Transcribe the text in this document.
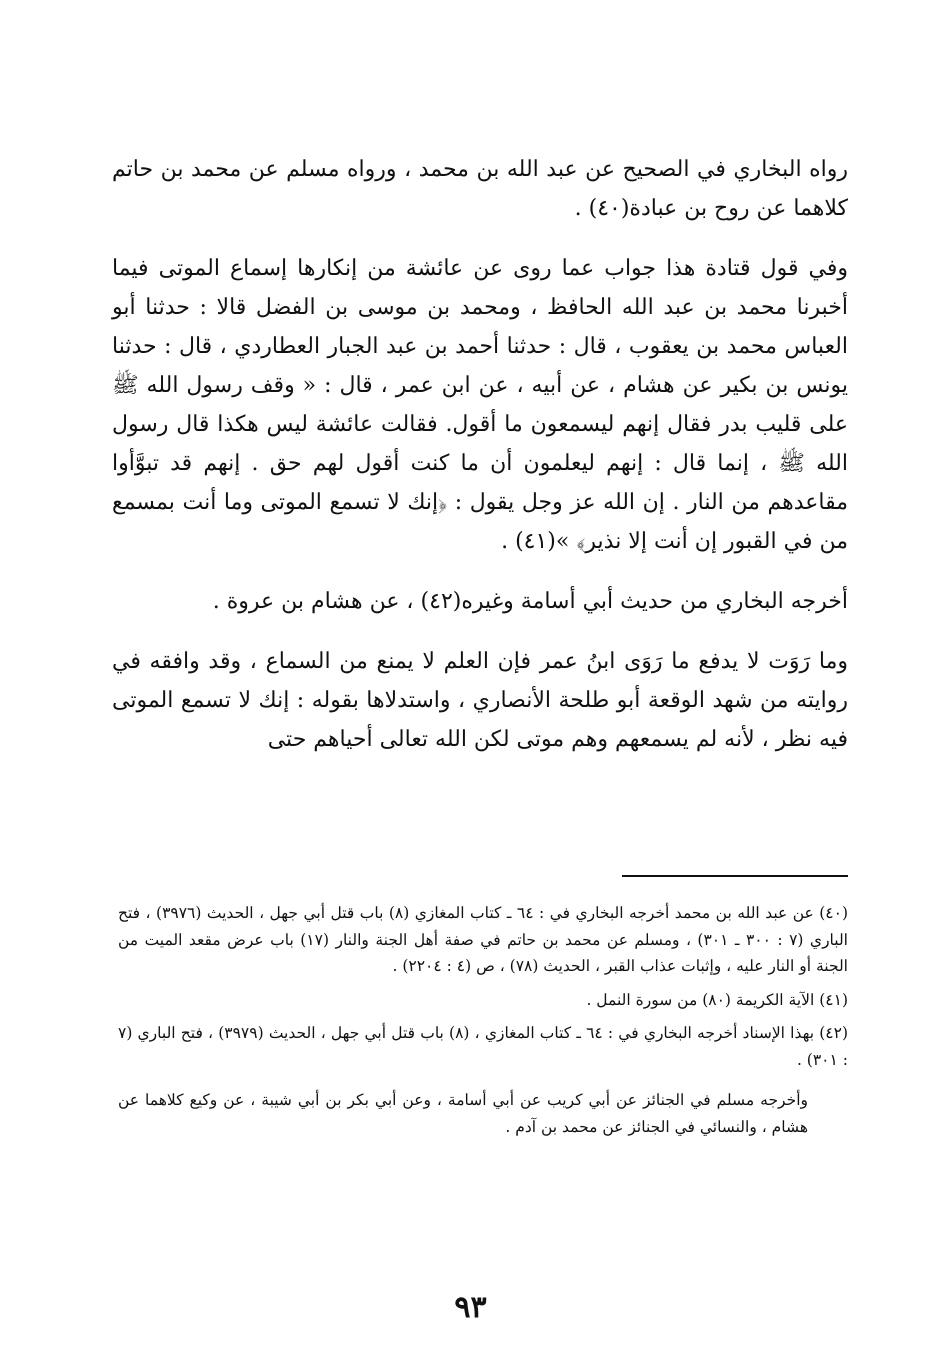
رواه البخاري في الصحيح عن عبد الله بن محمد ، ورواه مسلم عن محمد بن حاتم كلاهما عن روح بن عبادة(٤٠) .

وفي قول قتادة هذا جواب عما روى عن عائشة من إنكارها إسماع الموتى فيما أخبرنا محمد بن عبد الله الحافظ ، ومحمد بن موسى بن الفضل قالا : حدثنا أبو العباس محمد بن يعقوب ، قال : حدثنا أحمد بن عبد الجبار العطاردي ، قال : حدثنا يونس بن بكير عن هشام ، عن أبيه ، عن ابن عمر ، قال : « وقف رسول الله ﷺ على قليب بدر فقال إنهم ليسمعون ما أقول. فقالت عائشة ليس هكذا قال رسول الله ﷺ ، إنما قال : إنهم ليعلمون أن ما كنت أقول لهم حق . إنهم قد تبوَّأوا مقاعدهم من النار . إن الله عز وجل يقول : ﴿إنك لا تسمع الموتى وما أنت بمسمع من في القبور إن أنت إلا نذير﴾ »(٤١) .

أخرجه البخاري من حديث أبي أسامة وغيره(٤٢) ، عن هشام بن عروة .

وما رَوَت لا يدفع ما رَوَى ابنُ عمر فإن العلم لا يمنع من السماع ، وقد وافقه في روايته من شهد الوقعة أبو طلحة الأنصاري ، واستدلاها بقوله : إنك لا تسمع الموتى فيه نظر ، لأنه لم يسمعهم وهم موتى لكن الله تعالى أحياهم حتى

(٤٠) عن عبد الله بن محمد أخرجه البخاري في : ٦٤ ـ كتاب المغازي (٨) باب قتل أبي جهل ، الحديث (٣٩٧٦) ، فتح الباري (٧ : ٣٠٠ ـ ٣٠١) ، ومسلم عن محمد بن حاتم في صفة أهل الجنة والنار (١٧) باب عرض مقعد الميت من الجنة أو النار عليه ، وإثبات عذاب القبر ، الحديث (٧٨) ، ص (٤ : ٢٢٠٤) .

(٤١) الآية الكريمة (٨٠) من سورة النمل .

(٤٢) بهذا الإسناد أخرجه البخاري في : ٦٤ ـ كتاب المغازي ، (٨) باب قتل أبي جهل ، الحديث (٣٩٧٩) ، فتح الباري (٧ : ٣٠١) .

وأخرجه مسلم في الجنائز عن أبي كريب عن أبي أسامة ، وعن أبي بكر بن أبي شيبة ، عن وكيع كلاهما عن هشام ، والنسائي في الجنائز عن محمد بن آدم .

٩٣
